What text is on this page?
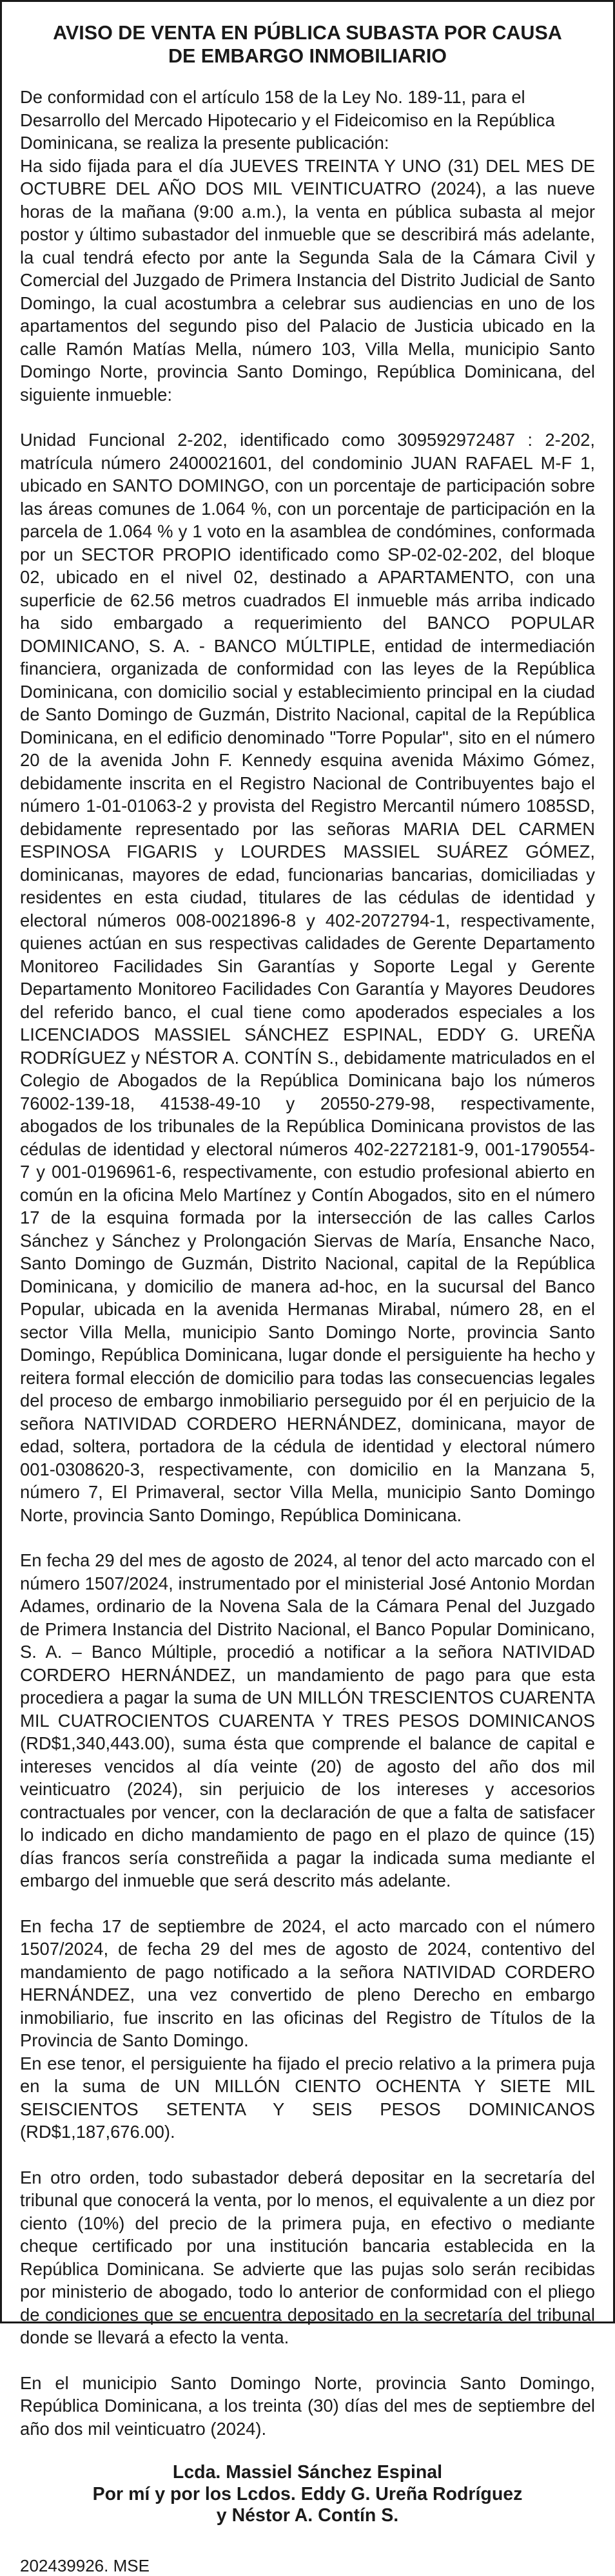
AVISO DE VENTA EN PÚBLICA SUBASTA POR CAUSA
DE EMBARGO INMOBILIARIO

De conformidad con el artículo 158 de la Ley No. 189-11, para el Desarrollo del Mercado Hipotecario y el Fideicomiso en la República Dominicana, se realiza la presente publicación:

Ha sido fijada para el día JUEVES TREINTA Y UNO (31) DEL MES DE OCTUBRE DEL AÑO DOS MIL VEINTICUATRO (2024), a las nueve horas de la mañana (9:00 a.m.), la venta en pública subasta al mejor postor y último subastador del inmueble que se describirá más adelante, la cual tendrá efecto por ante la Segunda Sala de la Cámara Civil y Comercial del Juzgado de Primera Instancia del Distrito Judicial de Santo Domingo, la cual acostumbra a celebrar sus audiencias en uno de los apartamentos del segundo piso del Palacio de Justicia ubicado en la calle Ramón Matías Mella, número 103, Villa Mella, municipio Santo Domingo Norte, provincia Santo Domingo, República Dominicana, del siguiente inmueble:

Unidad Funcional 2-202, identificado como 309592972487 : 2-202, matrícula número 2400021601, del condominio JUAN RAFAEL M-F 1, ubicado en SANTO DOMINGO, con un porcentaje de participación sobre las áreas comunes de 1.064 %, con un porcentaje de participación en la parcela de 1.064 % y 1 voto en la asamblea de condómines, conformada por un SECTOR PROPIO identificado como SP-02-02-202, del bloque 02, ubicado en el nivel 02, destinado a APARTAMENTO, con una superficie de 62.56 metros cuadrados El inmueble más arriba indicado ha sido embargado a requerimiento del BANCO POPULAR DOMINICANO, S. A. - BANCO MÚLTIPLE, entidad de intermediación financiera, organizada de conformidad con las leyes de la República Dominicana, con domicilio social y establecimiento principal en la ciudad de Santo Domingo de Guzmán, Distrito Nacional, capital de la República Dominicana, en el edificio denominado "Torre Popular", sito en el número 20 de la avenida John F. Kennedy esquina avenida Máximo Gómez, debidamente inscrita en el Registro Nacional de Contribuyentes bajo el número 1-01-01063-2 y provista del Registro Mercantil número 1085SD, debidamente representado por las señoras MARIA DEL CARMEN ESPINOSA FIGARIS y LOURDES MASSIEL SUÁREZ GÓMEZ, dominicanas, mayores de edad, funcionarias bancarias, domiciliadas y residentes en esta ciudad, titulares de las cédulas de identidad y electoral números 008-0021896-8 y 402-2072794-1, respectivamente, quienes actúan en sus respectivas calidades de Gerente Departamento Monitoreo Facilidades Sin Garantías y Soporte Legal y Gerente Departamento Monitoreo Facilidades Con Garantía y Mayores Deudores del referido banco, el cual tiene como apoderados especiales a los LICENCIADOS MASSIEL SÁNCHEZ ESPINAL, EDDY G. UREÑA RODRÍGUEZ y NÉSTOR A. CONTÍN S., debidamente matriculados en el Colegio de Abogados de la República Dominicana bajo los números 76002-139-18, 41538-49-10 y 20550-279-98, respectivamente, abogados de los tribunales de la República Dominicana provistos de las cédulas de identidad y electoral números 402-2272181-9, 001-1790554-7 y 001-0196961-6, respectivamente, con estudio profesional abierto en común en la oficina Melo Martínez y Contín Abogados, sito en el número 17 de la esquina formada por la intersección de las calles Carlos Sánchez y Sánchez y Prolongación Siervas de María, Ensanche Naco, Santo Domingo de Guzmán, Distrito Nacional, capital de la República Dominicana, y domicilio de manera ad-hoc, en la sucursal del Banco Popular, ubicada en la avenida Hermanas Mirabal, número 28, en el sector Villa Mella, municipio Santo Domingo Norte, provincia Santo Domingo, República Dominicana, lugar donde el persiguiente ha hecho y reitera formal elección de domicilio para todas las consecuencias legales del proceso de embargo inmobiliario perseguido por él en perjuicio de la señora NATIVIDAD CORDERO HERNÁNDEZ, dominicana, mayor de edad, soltera, portadora de la cédula de identidad y electoral número 001-0308620-3, respectivamente, con domicilio en la Manzana 5, número 7, El Primaveral, sector Villa Mella, municipio Santo Domingo Norte, provincia Santo Domingo, República Dominicana.

En fecha 29 del mes de agosto de 2024, al tenor del acto marcado con el número 1507/2024, instrumentado por el ministerial José Antonio Mordan Adames, ordinario de la Novena Sala de la Cámara Penal del Juzgado de Primera Instancia del Distrito Nacional, el Banco Popular Dominicano, S. A. – Banco Múltiple, procedió a notificar a la señora NATIVIDAD CORDERO HERNÁNDEZ, un mandamiento de pago para que esta procediera a pagar la suma de UN MILLÓN TRESCIENTOS CUARENTA MIL CUATROCIENTOS CUARENTA Y TRES PESOS DOMINICANOS (RD$1,340,443.00), suma ésta que comprende el balance de capital e intereses vencidos al día veinte (20) de agosto del año dos mil veinticuatro (2024), sin perjuicio de los intereses y accesorios contractuales por vencer, con la declaración de que a falta de satisfacer lo indicado en dicho mandamiento de pago en el plazo de quince (15) días francos sería constreñida a pagar la indicada suma mediante el embargo del inmueble que será descrito más adelante.

En fecha 17 de septiembre de 2024, el acto marcado con el número 1507/2024, de fecha 29 del mes de agosto de 2024, contentivo del mandamiento de pago notificado a la señora NATIVIDAD CORDERO HERNÁNDEZ, una vez convertido de pleno Derecho en embargo inmobiliario, fue inscrito en las oficinas del Registro de Títulos de la Provincia de Santo Domingo.

En ese tenor, el persiguiente ha fijado el precio relativo a la primera puja en la suma de UN MILLÓN CIENTO OCHENTA Y SIETE MIL SEISCIENTOS SETENTA Y SEIS PESOS DOMINICANOS (RD$1,187,676.00).

En otro orden, todo subastador deberá depositar en la secretaría del tribunal que conocerá la venta, por lo menos, el equivalente a un diez por ciento (10%) del precio de la primera puja, en efectivo o mediante cheque certificado por una institución bancaria establecida en la República Dominicana. Se advierte que las pujas solo serán recibidas por ministerio de abogado, todo lo anterior de conformidad con el pliego de condiciones que se encuentra depositado en la secretaría del tribunal donde se llevará a efecto la venta.

En el municipio Santo Domingo Norte, provincia Santo Domingo, República Dominicana, a los treinta (30) días del mes de septiembre del año dos mil veinticuatro (2024).

Lcda. Massiel Sánchez Espinal
Por mí y por los Lcdos. Eddy G. Ureña Rodríguez
y Néstor A. Contín S.
202439926. MSE
